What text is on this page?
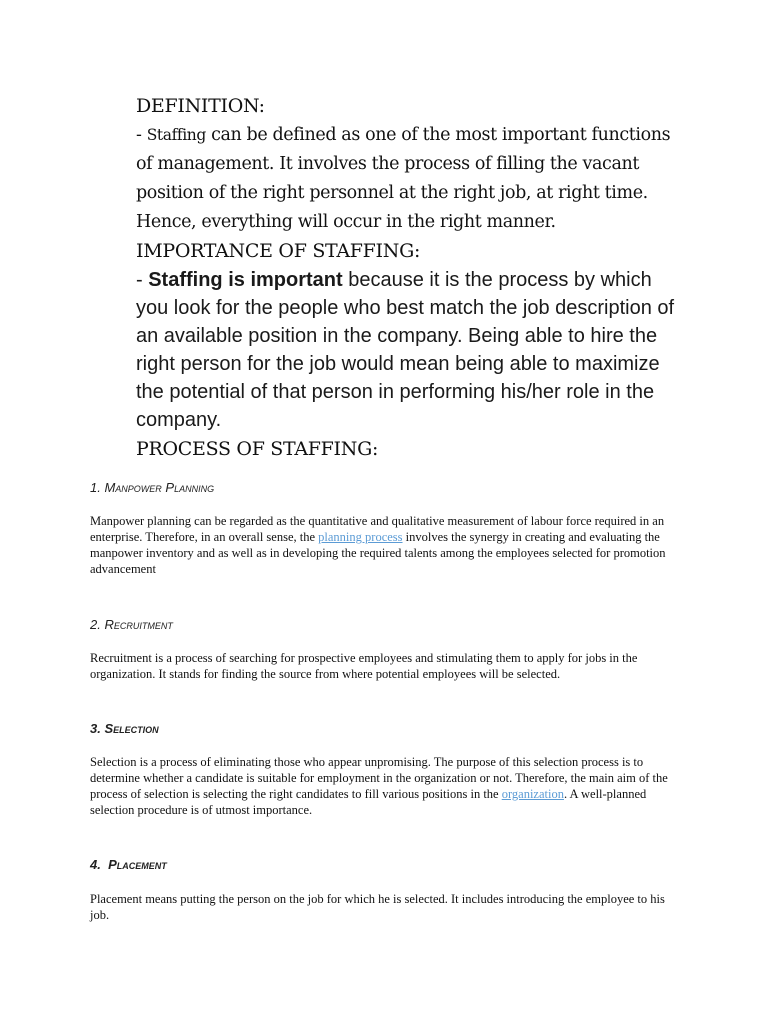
DEFINITION:

- Staffing can be defined as one of the most important functions of management. It involves the process of filling the vacant position of the right personnel at the right job, at right time. Hence, everything will occur in the right manner.

IMPORTANCE OF STAFFING:

- Staffing is important because it is the process by which you look for the people who best match the job description of an available position in the company. Being able to hire the right person for the job would mean being able to maximize the potential of that person in performing his/her role in the company.

PROCESS OF STAFFING:

1. Manpower Planning

Manpower planning can be regarded as the quantitative and qualitative measurement of labour force required in an enterprise. Therefore, in an overall sense, the planning process involves the synergy in creating and evaluating the manpower inventory and as well as in developing the required talents among the employees selected for promotion advancement

2. Recruitment

Recruitment is a process of searching for prospective employees and stimulating them to apply for jobs in the organization. It stands for finding the source from where potential employees will be selected.

3. Selection

Selection is a process of eliminating those who appear unpromising. The purpose of this selection process is to determine whether a candidate is suitable for employment in the organization or not. Therefore, the main aim of the process of selection is selecting the right candidates to fill various positions in the organization. A well-planned selection procedure is of utmost importance.

4.  Placement

Placement means putting the person on the job for which he is selected. It includes introducing the employee to his job.
